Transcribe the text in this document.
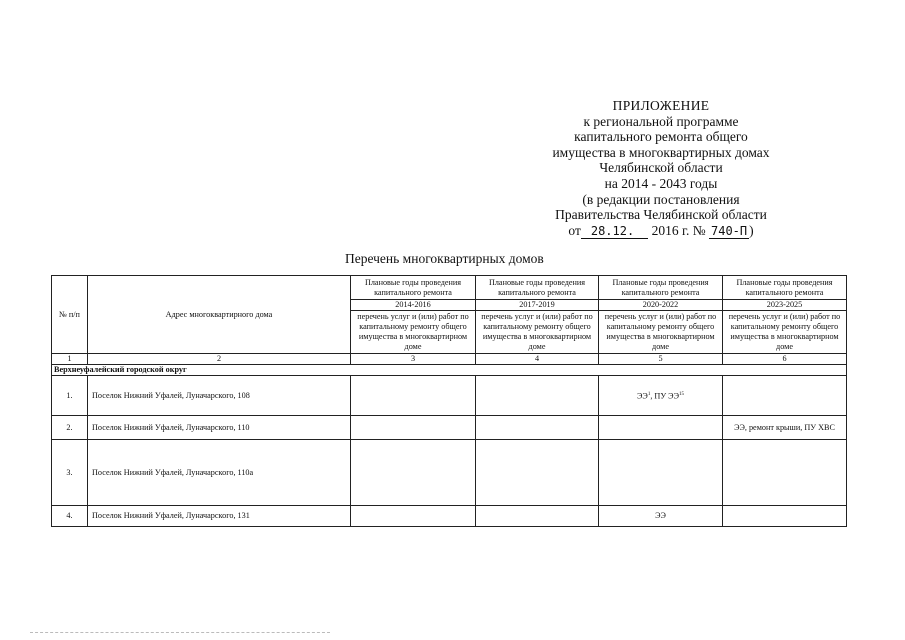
ПРИЛОЖЕНИЕ
к региональной программе
капитального ремонта общего
имущества в многоквартирных домах
Челябинской области
на 2014 - 2043 годы
(в редакции постановления
Правительства Челябинской области
от 28.12. 2016 г. № 740-П )
Перечень многоквартирных домов
№ п/п	Адрес многоквартирного дома	Плановые годы проведения капитального ремонта	Плановые годы проведения капитального ремонта	Плановые годы проведения капитального ремонта	Плановые годы проведения капитального ремонта
		2014-2016	2017-2019	2020-2022	2023-2025
		перечень услуг и (или) работ по капитальному ремонту общего имущества в многоквартирном доме	перечень услуг и (или) работ по капитальному ремонту общего имущества в многоквартирном доме	перечень услуг и (или) работ по капитальному ремонту общего имущества в многоквартирном доме	перечень услуг и (или) работ по капитальному ремонту общего имущества в многоквартирном доме
1	2	3	4	5	6
Верхнеуфалейский городской округ					
1.	Поселок Нижний Уфалей, Луначарского, 108			$ЭЭ^1$, ПУ ЭЭ$^{15}$	
2.	Поселок Нижний Уфалей, Луначарского, 110				ЭЭ, ремонт крыши, ПУ ХВС
3.	Поселок Нижний Уфалей, Луначарского, 110а				
4.	Поселок Нижний Уфалей, Луначарского, 131			ЭЭ	
